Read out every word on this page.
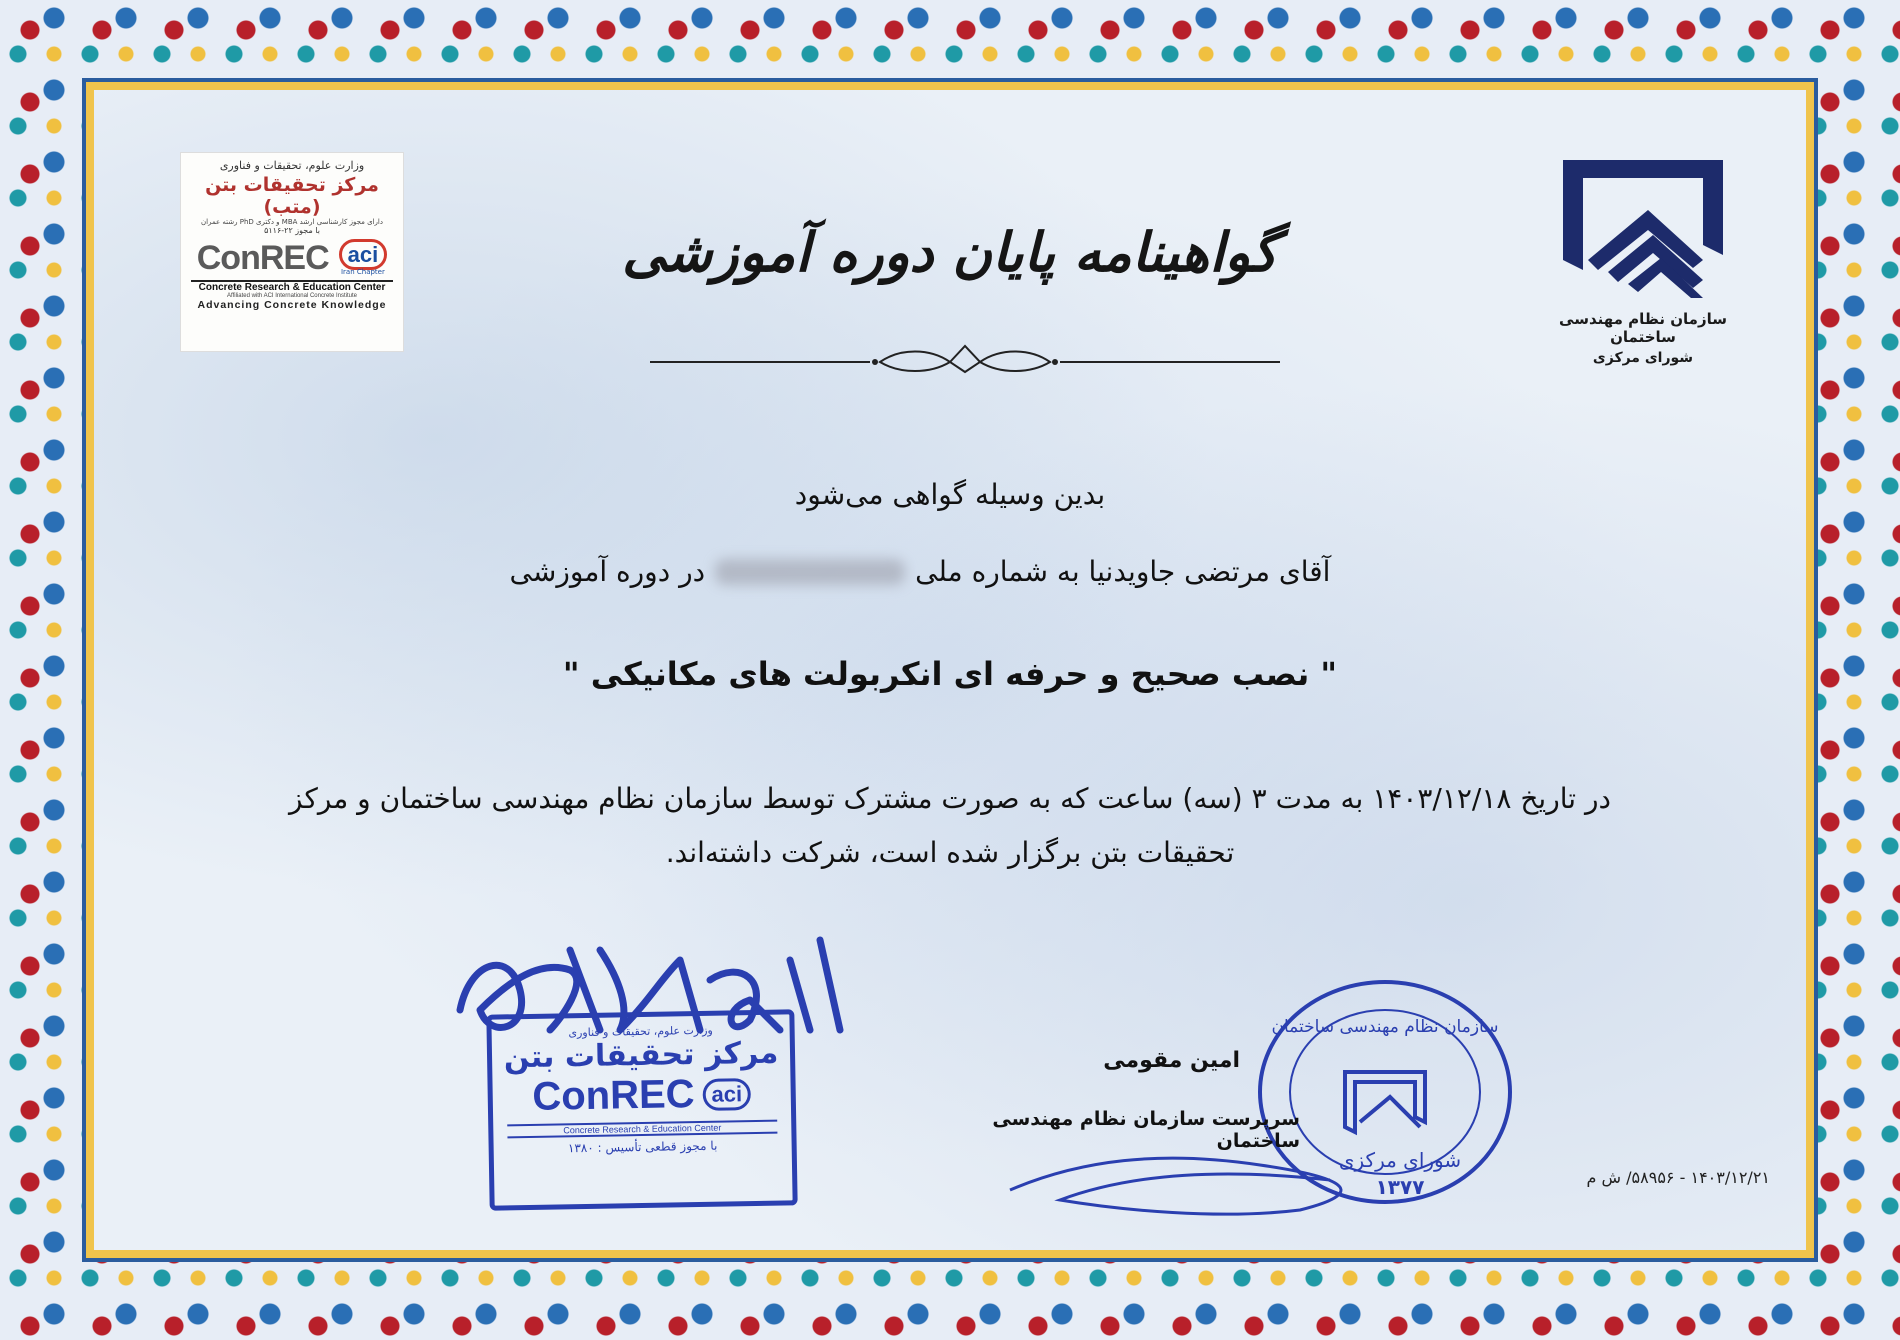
وزارت علوم، تحقیقات و فناوری
مرکز تحقیقات بتن (متب)
دارای مجوز کارشناسی ارشد MBA و دکتری PhD رشته عمران
با مجوز ۲۲-۵۱۱۶
ConREC aci
Iran Chapter
Concrete Research & Education Center
Affiliated with ACI International Concrete Institute
Advancing Concrete Knowledge
سازمان نظام مهندسی ساختمان
شورای مرکزی
گواهینامه پایان دوره آموزشی
بدین وسیله گواهی می‌شود
آقای مرتضی جاویدنیا به شماره ملی
در دوره آموزشی
" نصب صحیح و حرفه ای انکربولت های مکانیکی "
در تاریخ ۱۴۰۳/۱۲/۱۸ به مدت ۳ (سه) ساعت که به صورت مشترک توسط سازمان نظام مهندسی ساختمان و مرکز تحقیقات بتن برگزار شده است، شرکت داشته‌اند.
وزارت علوم، تحقیقات و فناوری
مرکز تحقیقات بتن
ConREC aci
Concrete Research & Education Center
با مجوز قطعی تأسیس : ۱۳۸۰
سازمان نظام مهندسی ساختمان
شورای مرکزی
۱۳۷۷
امین مقومی
سرپرست سازمان نظام مهندسی ساختمان
۱۴۰۳/۱۲/۲۱ - ۵۸۹۵۶/ ش م
